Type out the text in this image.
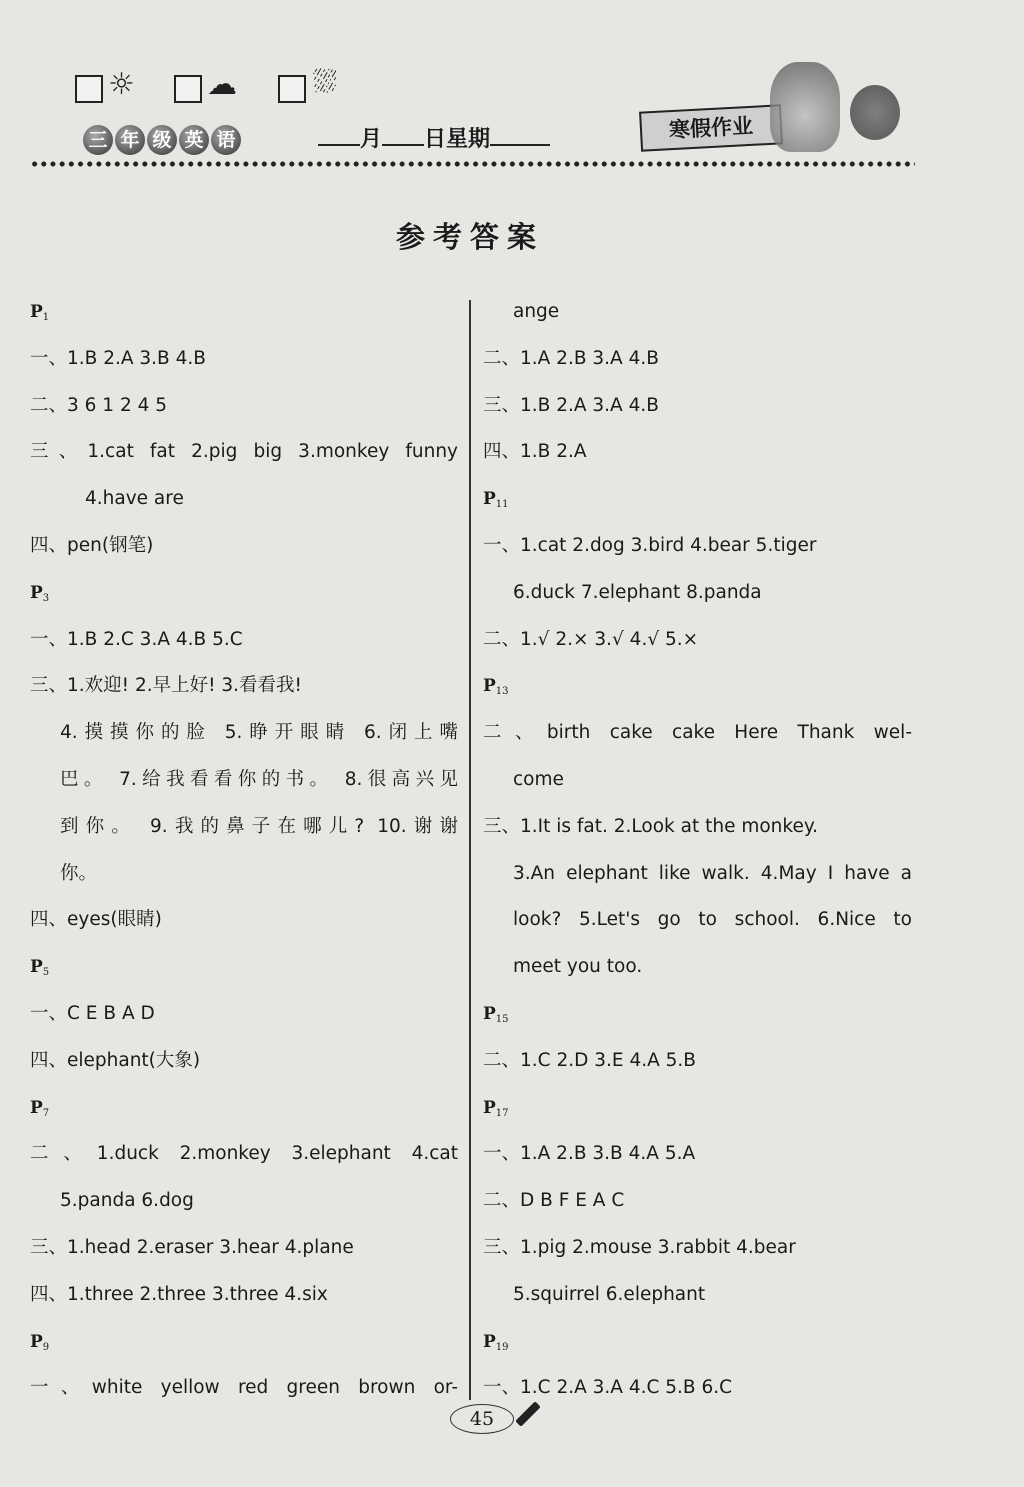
☼ ☁	⛆
三 年 级 英 语	月 日星期	寒假作业
参考答案
$P_1$
一、1.B 2.A 3.B 4.B
二、3 6 1 2 4 5
三、1.cat fat 2.pig big 3.monkey funny
4.have are
四、pen(钢笔)
$P_3$
一、1.B 2.C 3.A 4.B 5.C
三、1.欢迎! 2.早上好! 3.看看我!
4.摸摸你的脸 5.睁开眼睛 6.闭上嘴
巴。 7.给我看看你的书。 8.很高兴见
到你。 9.我的鼻子在哪儿? 10.谢谢
你。
四、eyes(眼睛)
$P_5$
一、C E B A D
四、elephant(大象)
$P_7$
二、1.duck 2.monkey 3.elephant 4.cat
5.panda 6.dog
三、1.head 2.eraser 3.hear 4.plane
四、1.three 2.three 3.three 4.six
$P_9$
一、white yellow red green brown or-
ange
二、1.A 2.B 3.A 4.B
三、1.B 2.A 3.A 4.B
四、1.B 2.A
$P_{11}$
一、1.cat 2.dog 3.bird 4.bear 5.tiger
6.duck 7.elephant 8.panda
二、1.√ 2.× 3.√ 4.√ 5.×
$P_{13}$
二、birth cake cake Here Thank wel-
come
三、1.It is fat. 2.Look at the monkey.
3.An elephant like walk. 4.May I have a
look? 5.Let's go to school. 6.Nice to
meet you too.
$P_{15}$
二、1.C 2.D 3.E 4.A 5.B
$P_{17}$
一、1.A 2.B 3.B 4.A 5.A
二、D B F E A C
三、1.pig 2.mouse 3.rabbit 4.bear
5.squirrel 6.elephant
$P_{19}$
一、1.C 2.A 3.A 4.C 5.B 6.C
45
